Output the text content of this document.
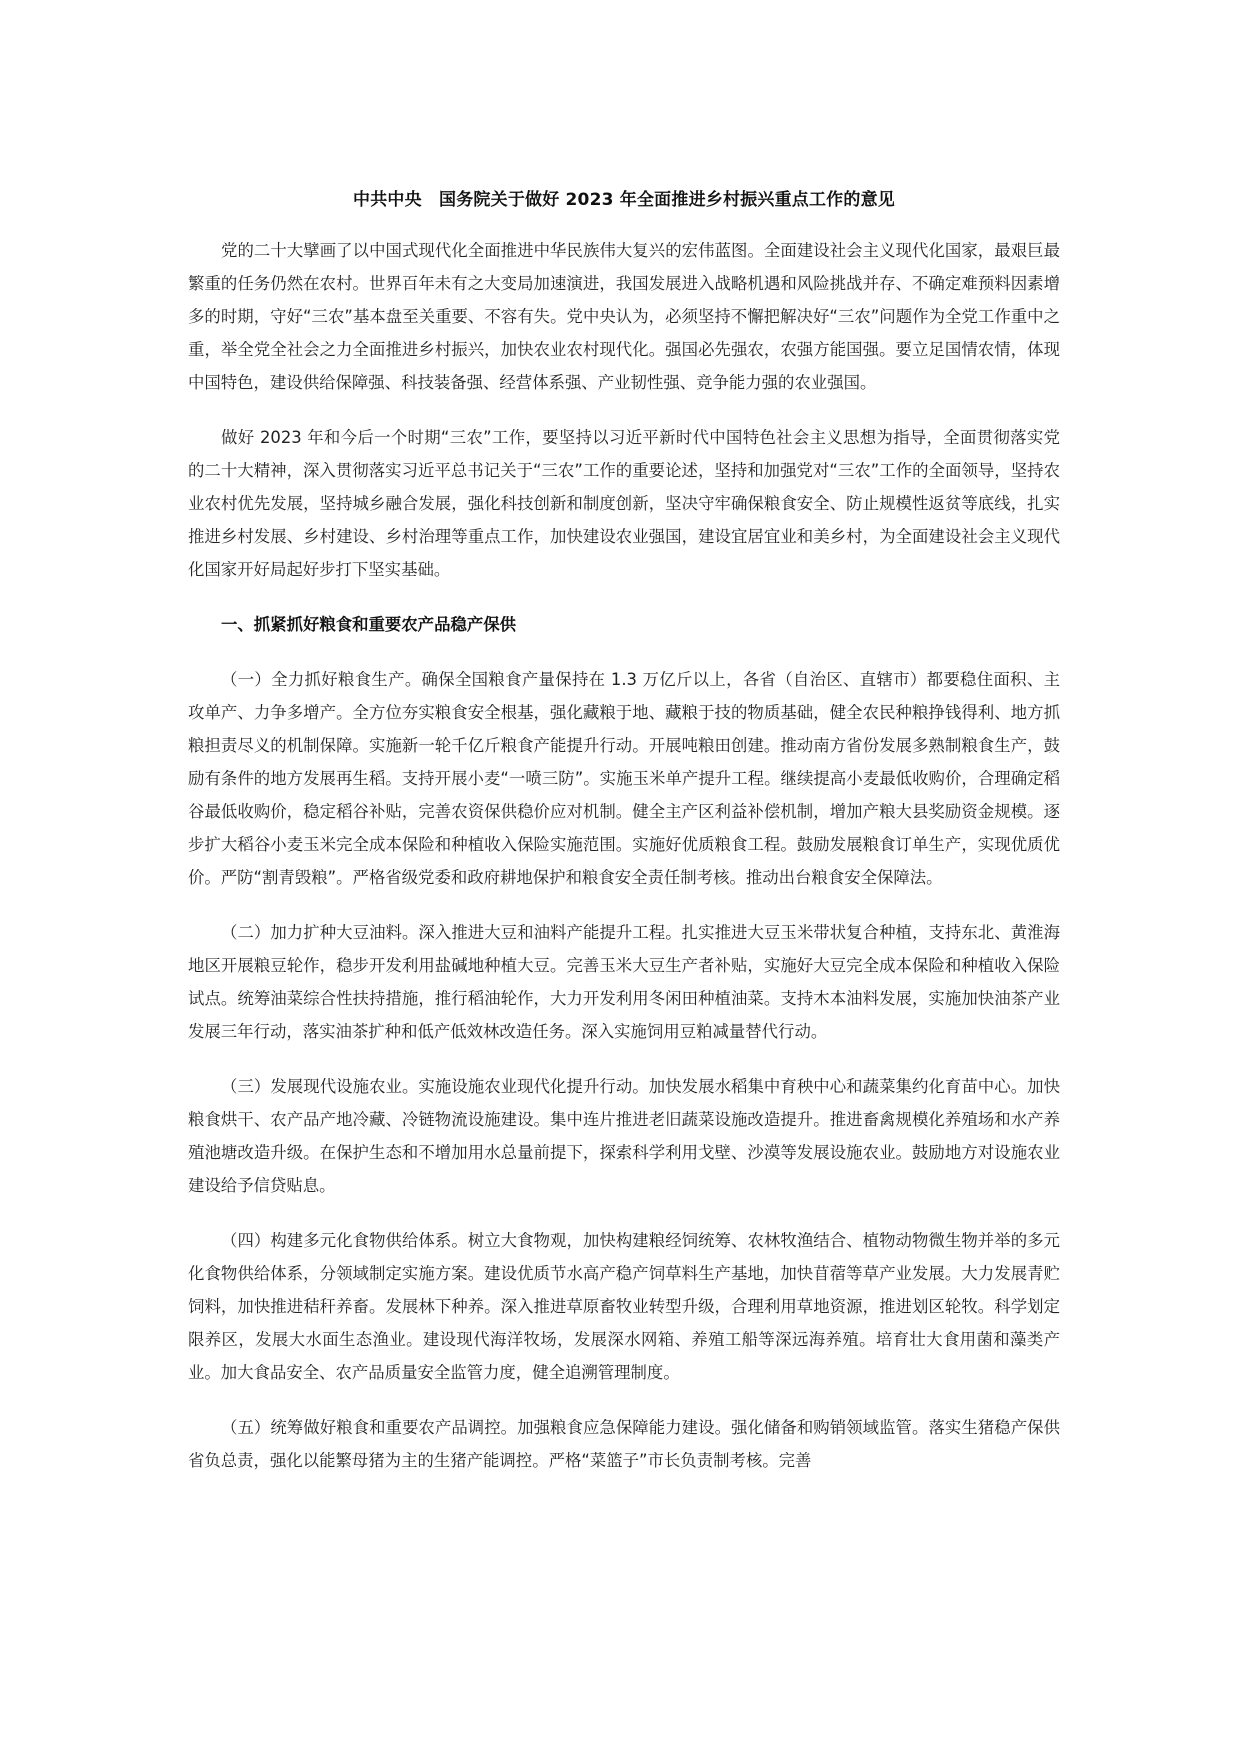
中共中央　国务院关于做好 2023 年全面推进乡村振兴重点工作的意见

党的二十大擘画了以中国式现代化全面推进中华民族伟大复兴的宏伟蓝图。全面建设社会主义现代化国家，最艰巨最繁重的任务仍然在农村。世界百年未有之大变局加速演进，我国发展进入战略机遇和风险挑战并存、不确定难预料因素增多的时期，守好“三农”基本盘至关重要、不容有失。党中央认为，必须坚持不懈把解决好“三农”问题作为全党工作重中之重，举全党全社会之力全面推进乡村振兴，加快农业农村现代化。强国必先强农，农强方能国强。要立足国情农情，体现中国特色，建设供给保障强、科技装备强、经营体系强、产业韧性强、竞争能力强的农业强国。

做好 2023 年和今后一个时期“三农”工作，要坚持以习近平新时代中国特色社会主义思想为指导，全面贯彻落实党的二十大精神，深入贯彻落实习近平总书记关于“三农”工作的重要论述，坚持和加强党对“三农”工作的全面领导，坚持农业农村优先发展，坚持城乡融合发展，强化科技创新和制度创新，坚决守牢确保粮食安全、防止规模性返贫等底线，扎实推进乡村发展、乡村建设、乡村治理等重点工作，加快建设农业强国，建设宜居宜业和美乡村，为全面建设社会主义现代化国家开好局起好步打下坚实基础。

一、抓紧抓好粮食和重要农产品稳产保供

（一）全力抓好粮食生产。确保全国粮食产量保持在 1.3 万亿斤以上，各省（自治区、直辖市）都要稳住面积、主攻单产、力争多增产。全方位夯实粮食安全根基，强化藏粮于地、藏粮于技的物质基础，健全农民种粮挣钱得利、地方抓粮担责尽义的机制保障。实施新一轮千亿斤粮食产能提升行动。开展吨粮田创建。推动南方省份发展多熟制粮食生产，鼓励有条件的地方发展再生稻。支持开展小麦“一喷三防”。实施玉米单产提升工程。继续提高小麦最低收购价，合理确定稻谷最低收购价，稳定稻谷补贴，完善农资保供稳价应对机制。健全主产区利益补偿机制，增加产粮大县奖励资金规模。逐步扩大稻谷小麦玉米完全成本保险和种植收入保险实施范围。实施好优质粮食工程。鼓励发展粮食订单生产，实现优质优价。严防“割青毁粮”。严格省级党委和政府耕地保护和粮食安全责任制考核。推动出台粮食安全保障法。

（二）加力扩种大豆油料。深入推进大豆和油料产能提升工程。扎实推进大豆玉米带状复合种植，支持东北、黄淮海地区开展粮豆轮作，稳步开发利用盐碱地种植大豆。完善玉米大豆生产者补贴，实施好大豆完全成本保险和种植收入保险试点。统筹油菜综合性扶持措施，推行稻油轮作，大力开发利用冬闲田种植油菜。支持木本油料发展，实施加快油茶产业发展三年行动，落实油茶扩种和低产低效林改造任务。深入实施饲用豆粕减量替代行动。

（三）发展现代设施农业。实施设施农业现代化提升行动。加快发展水稻集中育秧中心和蔬菜集约化育苗中心。加快粮食烘干、农产品产地冷藏、冷链物流设施建设。集中连片推进老旧蔬菜设施改造提升。推进畜禽规模化养殖场和水产养殖池塘改造升级。在保护生态和不增加用水总量前提下，探索科学利用戈壁、沙漠等发展设施农业。鼓励地方对设施农业建设给予信贷贴息。

（四）构建多元化食物供给体系。树立大食物观，加快构建粮经饲统筹、农林牧渔结合、植物动物微生物并举的多元化食物供给体系，分领域制定实施方案。建设优质节水高产稳产饲草料生产基地，加快苜蓿等草产业发展。大力发展青贮饲料，加快推进秸秆养畜。发展林下种养。深入推进草原畜牧业转型升级，合理利用草地资源，推进划区轮牧。科学划定限养区，发展大水面生态渔业。建设现代海洋牧场，发展深水网箱、养殖工船等深远海养殖。培育壮大食用菌和藻类产业。加大食品安全、农产品质量安全监管力度，健全追溯管理制度。

（五）统筹做好粮食和重要农产品调控。加强粮食应急保障能力建设。强化储备和购销领域监管。落实生猪稳产保供省负总责，强化以能繁母猪为主的生猪产能调控。严格“菜篮子”市长负责制考核。完善
